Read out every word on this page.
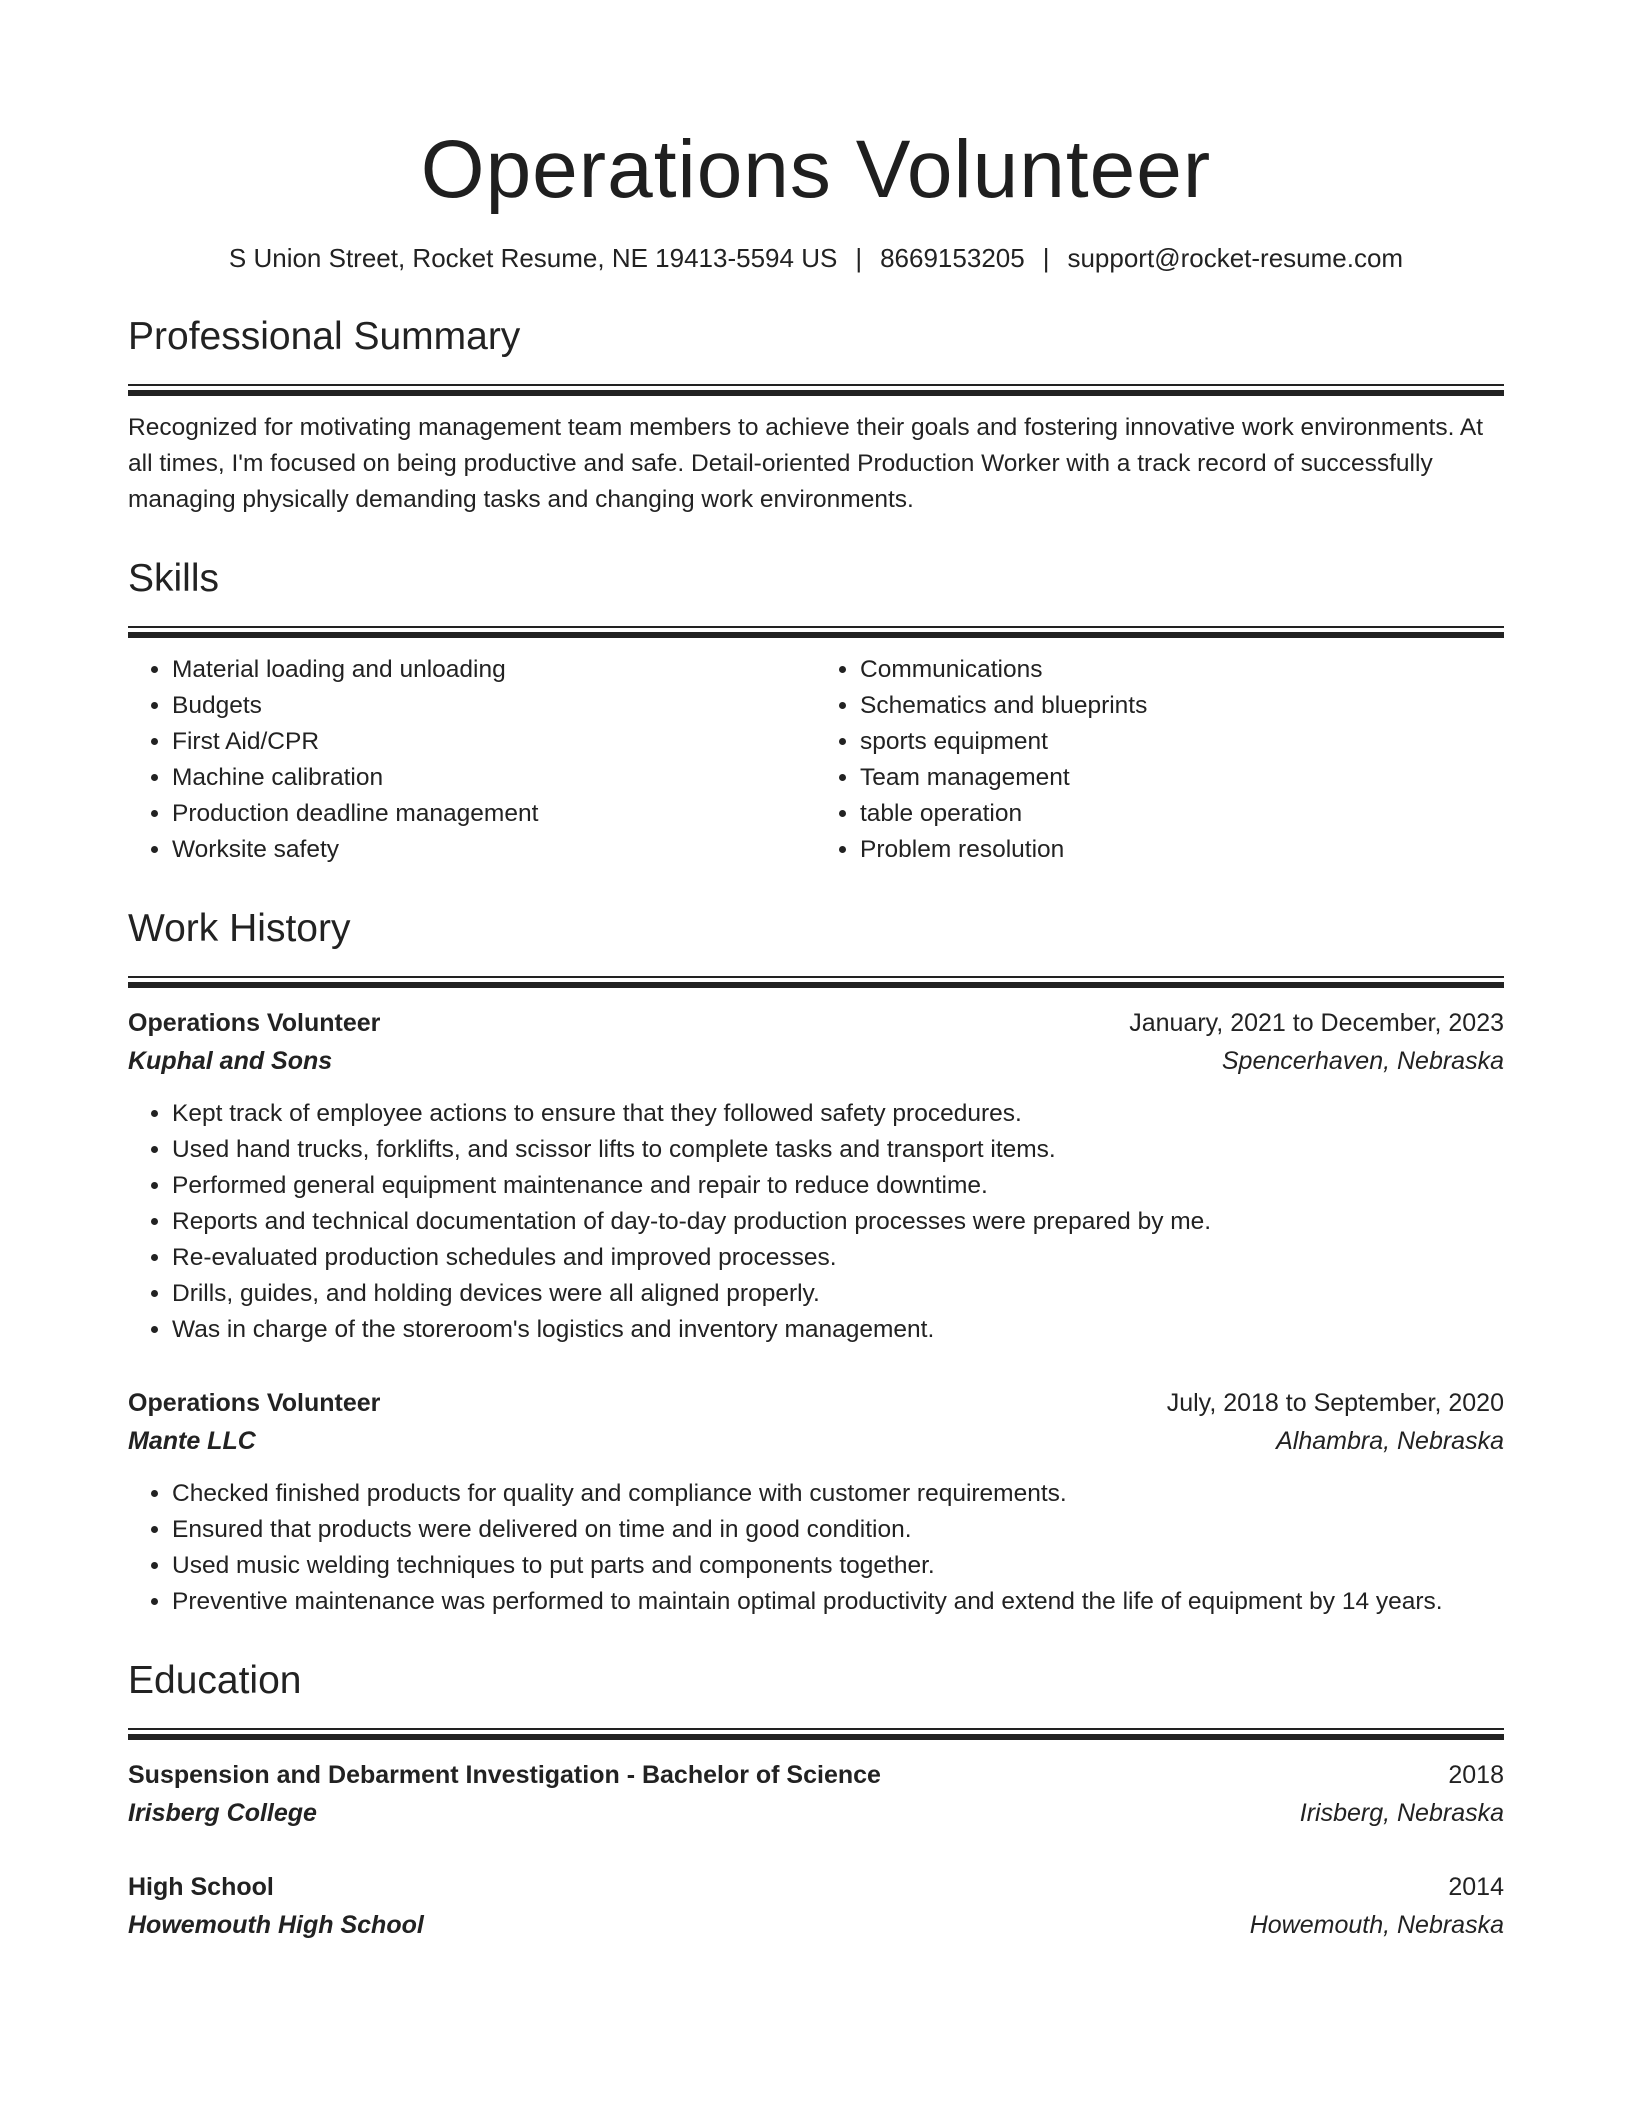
Operations Volunteer
S Union Street, Rocket Resume, NE 19413-5594 US | 8669153205 | support@rocket-resume.com
Professional Summary

Recognized for motivating management team members to achieve their goals and fostering innovative work environments. At all times, I'm focused on being productive and safe. Detail-oriented Production Worker with a track record of successfully managing physically demanding tasks and changing work environments.

Skills
• Material loading and unloading
• Budgets
• First Aid/CPR
• Machine calibration
• Production deadline management
• Worksite safety
• Communications
• Schematics and blueprints
• sports equipment
• Team management
• table operation
• Problem resolution
Work History
Operations Volunteer	January, 2021 to December, 2023
Kuphal and Sons	Spencerhaven, Nebraska
• Kept track of employee actions to ensure that they followed safety procedures.
• Used hand trucks, forklifts, and scissor lifts to complete tasks and transport items.
• Performed general equipment maintenance and repair to reduce downtime.
• Reports and technical documentation of day-to-day production processes were prepared by me.
• Re-evaluated production schedules and improved processes.
• Drills, guides, and holding devices were all aligned properly.
• Was in charge of the storeroom's logistics and inventory management.
Operations Volunteer	July, 2018 to September, 2020
Mante LLC	Alhambra, Nebraska
• Checked finished products for quality and compliance with customer requirements.
• Ensured that products were delivered on time and in good condition.
• Used music welding techniques to put parts and components together.
• Preventive maintenance was performed to maintain optimal productivity and extend the life of equipment by 14 years.
Education
Suspension and Debarment Investigation - Bachelor of Science	2018
Irisberg College	Irisberg, Nebraska
High School	2014
Howemouth High School	Howemouth, Nebraska
